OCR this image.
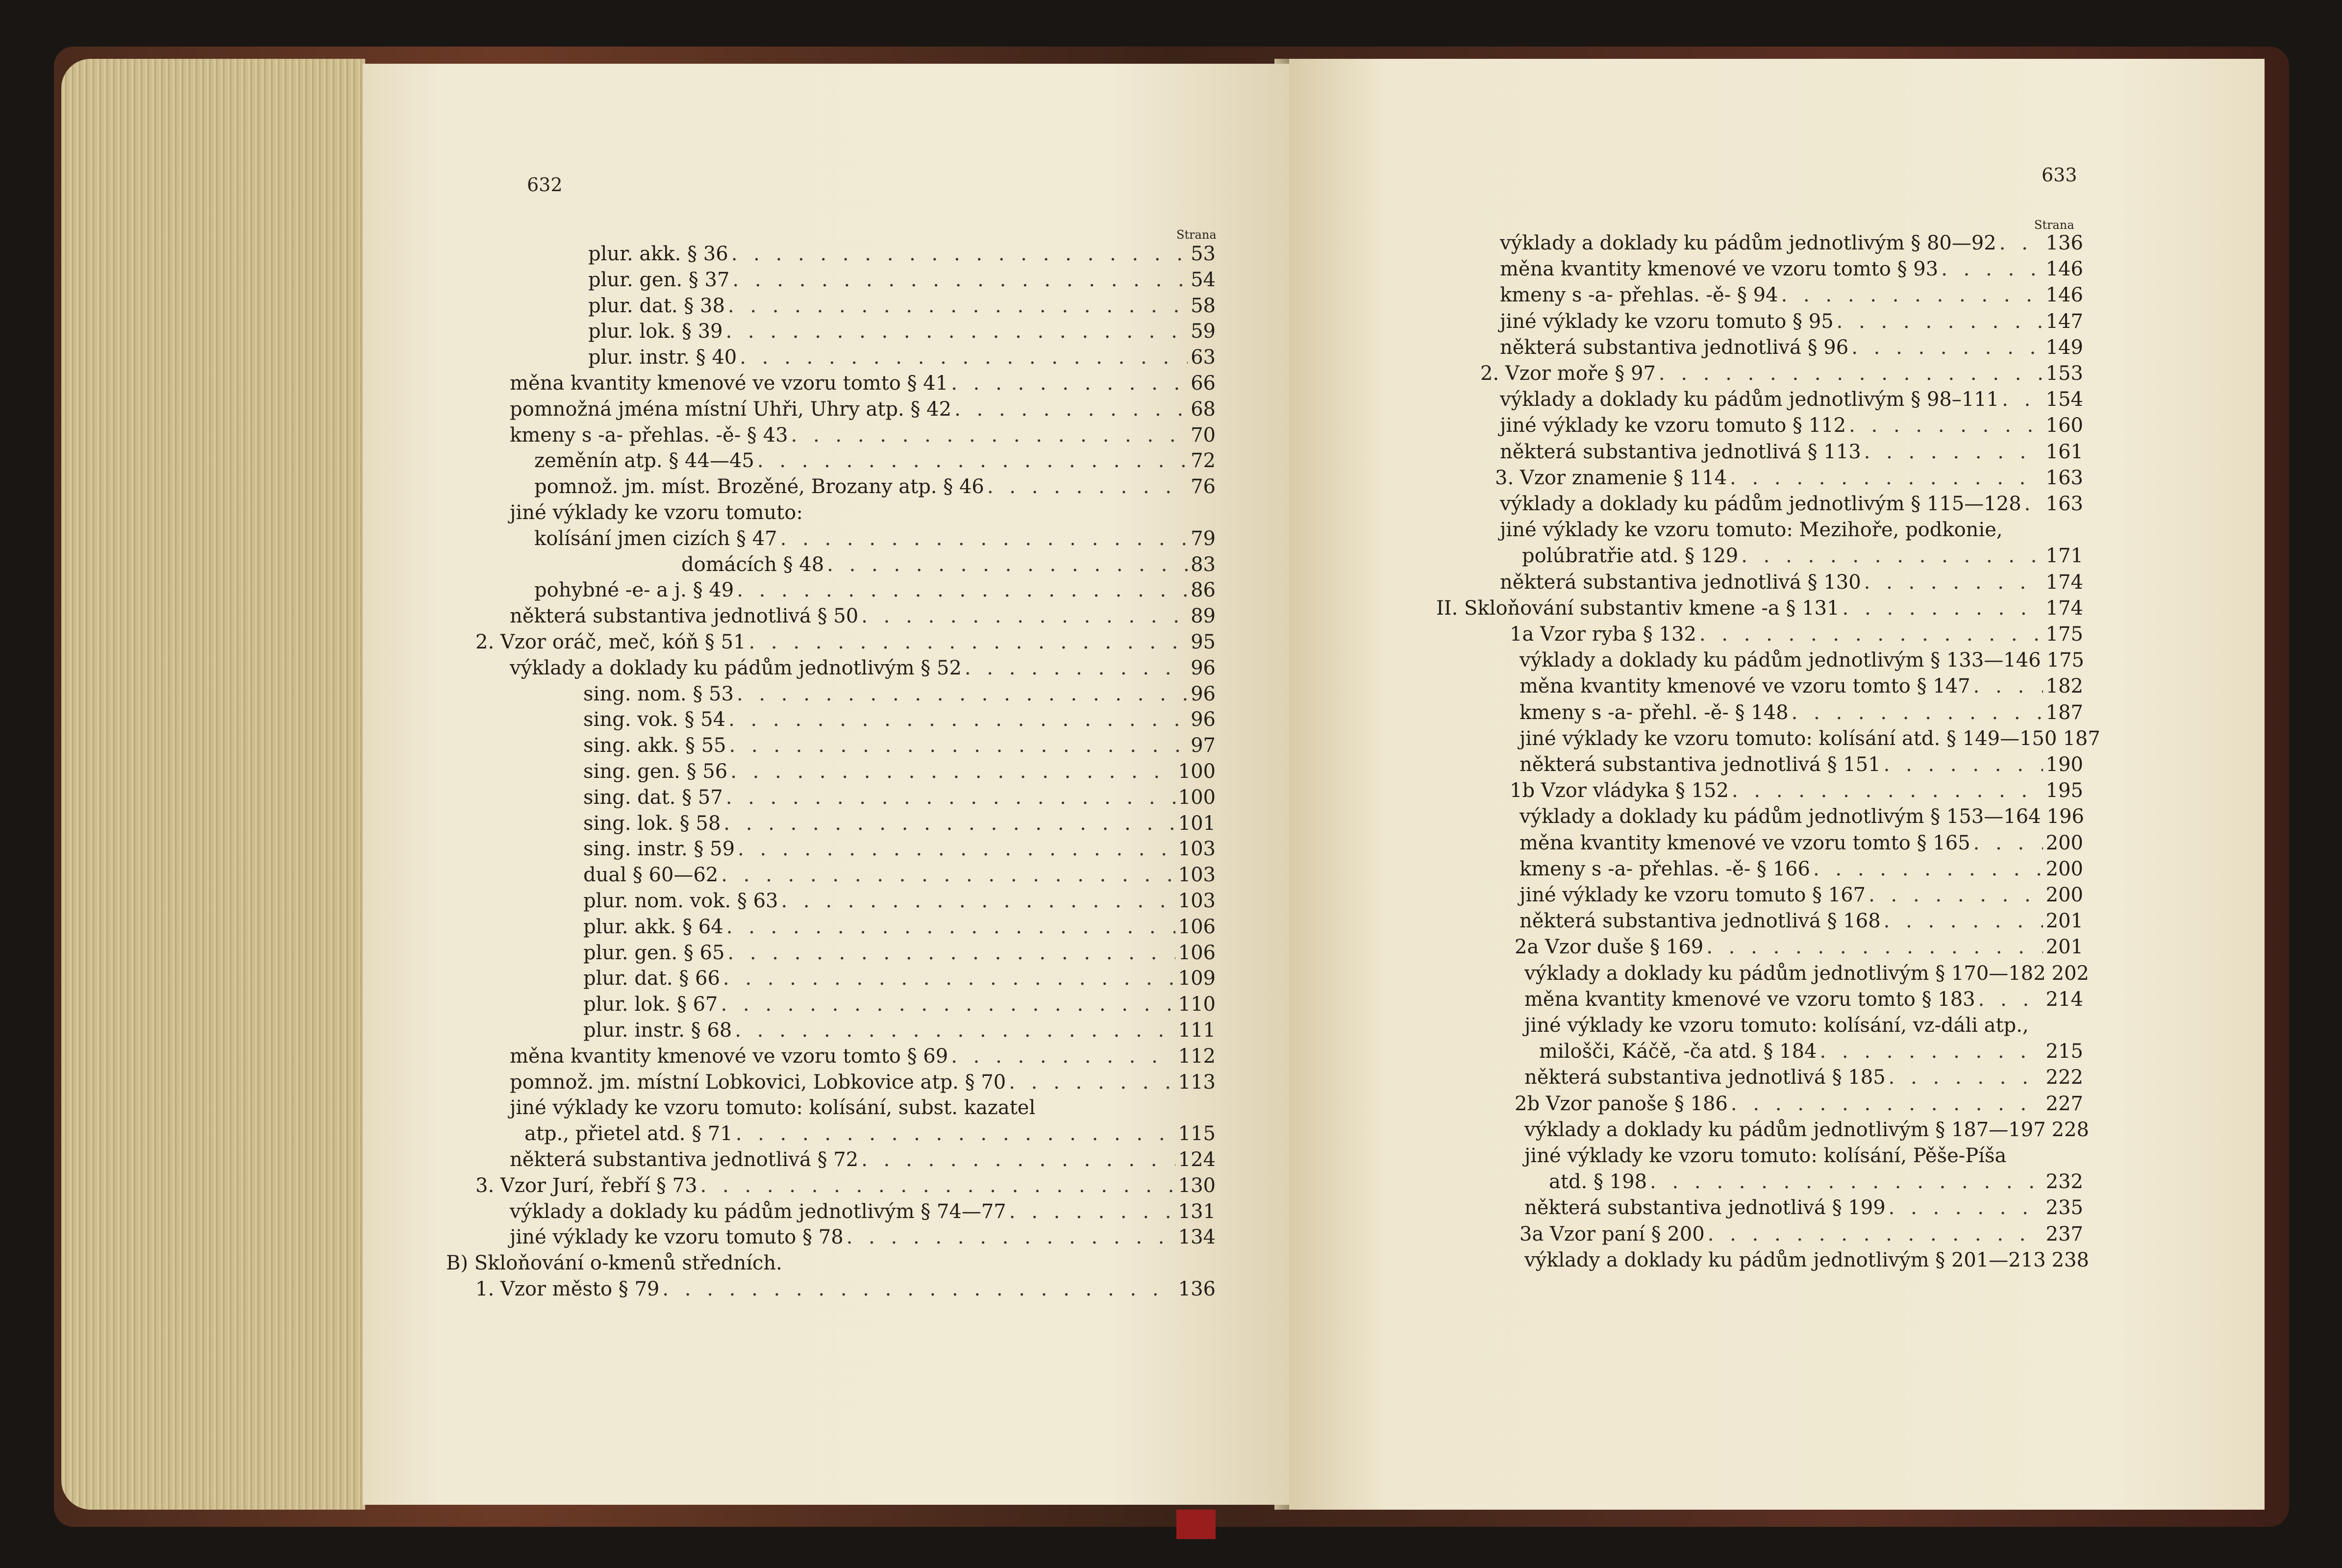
632
Strana
plur. akk. § 36 . . .	53
plur. gen. § 37 . . .	54
plur. dat. § 38 . . .	58
plur. lok. § 39 . . .	59
plur. instr. § 40 . . .	63
měna kvantity kmenové ve vzoru tomto § 41 . . .	66
pomnožná jména místní Uhři, Uhry atp. § 42 . . .	68
kmeny s -a- přehlas. -ě- § 43 . . .	70
zeměnín atp. § 44—45 . . .	72
pomnož. jm. míst. Brozěné, Brozany atp. § 46 . . .	76
jiné výklady ke vzoru tomuto:
kolísání jmen cizích § 47 . . .	79
domácích § 48 . . .	83
pohybné -e- a j. § 49 . . .	86
některá substantiva jednotlivá § 50 . . .	89
2. Vzor oráč, meč, kóň § 51 . . .	95
výklady a doklady ku pádům jednotlivým § 52 . . .	96
sing. nom. § 53 . . .	96
sing. vok. § 54 . . .	96
sing. akk. § 55 . . .	97
sing. gen. § 56 . . .	100
sing. dat. § 57 . . .	100
sing. lok. § 58 . . .	101
sing. instr. § 59 . . .	103
dual § 60—62 . . .	103
plur. nom. vok. § 63 . . .	103
plur. akk. § 64 . . .	106
plur. gen. § 65 . . .	106
plur. dat. § 66 . . .	109
plur. lok. § 67 . . .	110
plur. instr. § 68 . . .	111
měna kvantity kmenové ve vzoru tomto § 69 . . .	112
pomnož. jm. místní Lobkovici, Lobkovice atp. § 70 . . .	113
jiné výklady ke vzoru tomuto: kolísání, subst. kazatel
atp., přietel atd. § 71 . . .	115
některá substantiva jednotlivá § 72 . . .	124
3. Vzor Jurí, řebří § 73 . . .	130
výklady a doklady ku pádům jednotlivým § 74—77 . . .	131
jiné výklady ke vzoru tomuto § 78 . . .	134
B) Skloňování o-kmenů středních.
1. Vzor město § 79 . . .	136
633
Strana
výklady a doklady ku pádům jednotlivým § 80—92 . . .	136
měna kvantity kmenové ve vzoru tomto § 93 . . .	146
kmeny s -a- přehlas. -ě- § 94 . . .	146
jiné výklady ke vzoru tomuto § 95 . . .	147
některá substantiva jednotlivá § 96 . . .	149
2. Vzor moře § 97 . . .	153
výklady a doklady ku pádům jednotlivým § 98–111 . . . 154
jiné výklady ke vzoru tomuto § 112 . . .	160
některá substantiva jednotlivá § 113 . . .	161
3. Vzor znamenie § 114 . . .	163
výklady a doklady ku pádům jednotlivým § 115—128 . . . 163
jiné výklady ke vzoru tomuto: Mezihoře, podkonie,
polúbratřie atd. § 129 . . .	171
některá substantiva jednotlivá § 130 . . .	174
II. Skloňování substantiv kmene -a § 131 . . .	174
1a Vzor ryba § 132 . . .	175
výklady a doklady ku pádům jednotlivým § 133—146 175
měna kvantity kmenové ve vzoru tomto § 147 . . .	182
kmeny s -a- přehl. -ě- § 148 . . .	187
jiné výklady ke vzoru tomuto: kolísání atd. § 149—150 187
některá substantiva jednotlivá § 151 . . .	190
1b Vzor vládyka § 152 . . .	195
výklady a doklady ku pádům jednotlivým § 153—164 196
měna kvantity kmenové ve vzoru tomto § 165 . . .	200
kmeny s -a- přehlas. -ě- § 166 . . .	200
jiné výklady ke vzoru tomuto § 167 . . .	200
některá substantiva jednotlivá § 168 . . .	201
2a Vzor duše § 169 . . .	201
výklady a doklady ku pádům jednotlivým § 170—182 202
měna kvantity kmenové ve vzoru tomto § 183 . . .	214
jiné výklady ke vzoru tomuto: kolísání, vz-dáli atp.,
milošči, Káčě, -ča atd. § 184 . . .	215
některá substantiva jednotlivá § 185 . . .	222
2b Vzor panoše § 186 . . .	227
výklady a doklady ku pádům jednotlivým § 187—197 228
jiné výklady ke vzoru tomuto: kolísání, Pěše-Píša
atd. § 198 . . .	232
některá substantiva jednotlivá § 199 . . .	235
3a Vzor paní § 200 . . .	237
výklady a doklady ku pádům jednotlivým § 201—213 238
